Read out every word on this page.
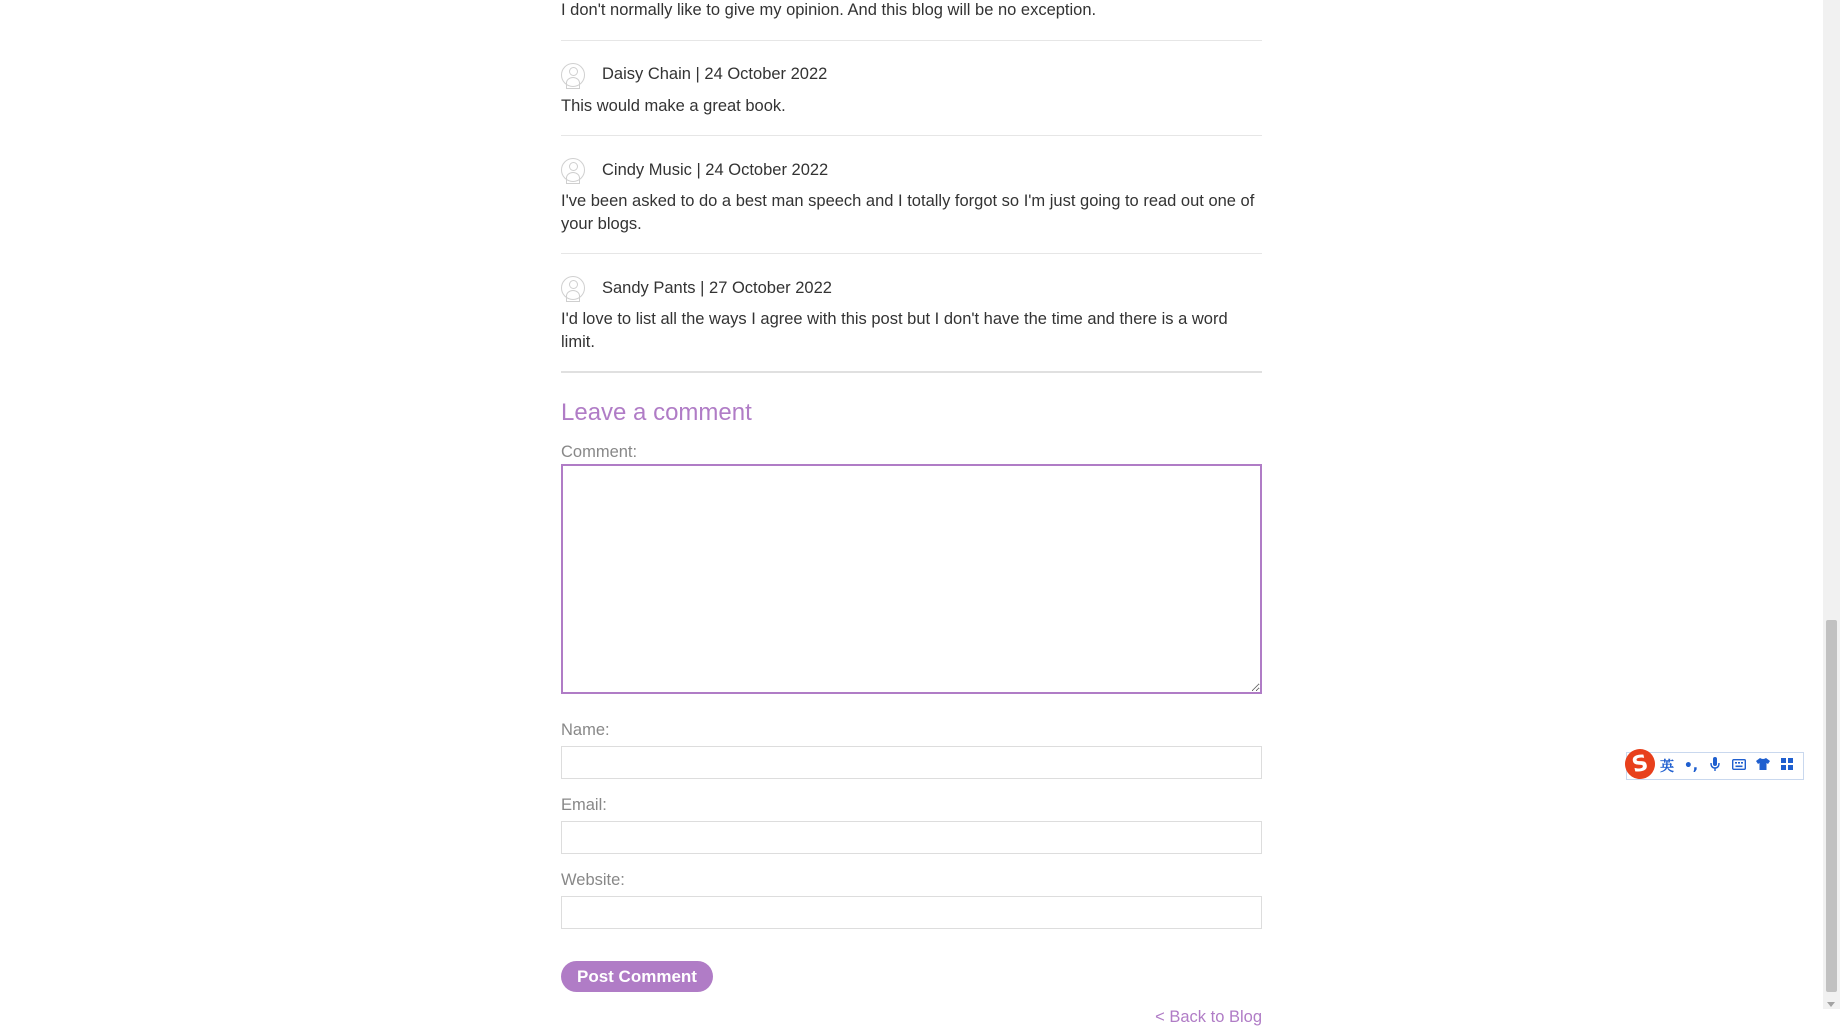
I don't normally like to give my opinion. And this blog will be no exception.
Daisy Chain | 24 October 2022
This would make a great book.
Cindy Music | 24 October 2022
I've been asked to do a best man speech and I totally forgot so I'm just going to read out one of your blogs.
Sandy Pants | 27 October 2022
I'd love to list all the ways I agree with this post but I don't have the time and there is a word limit.
Leave a comment
Comment:
Name:
Email:
Website:
Post Comment
< Back to Blog
S 英 •,
